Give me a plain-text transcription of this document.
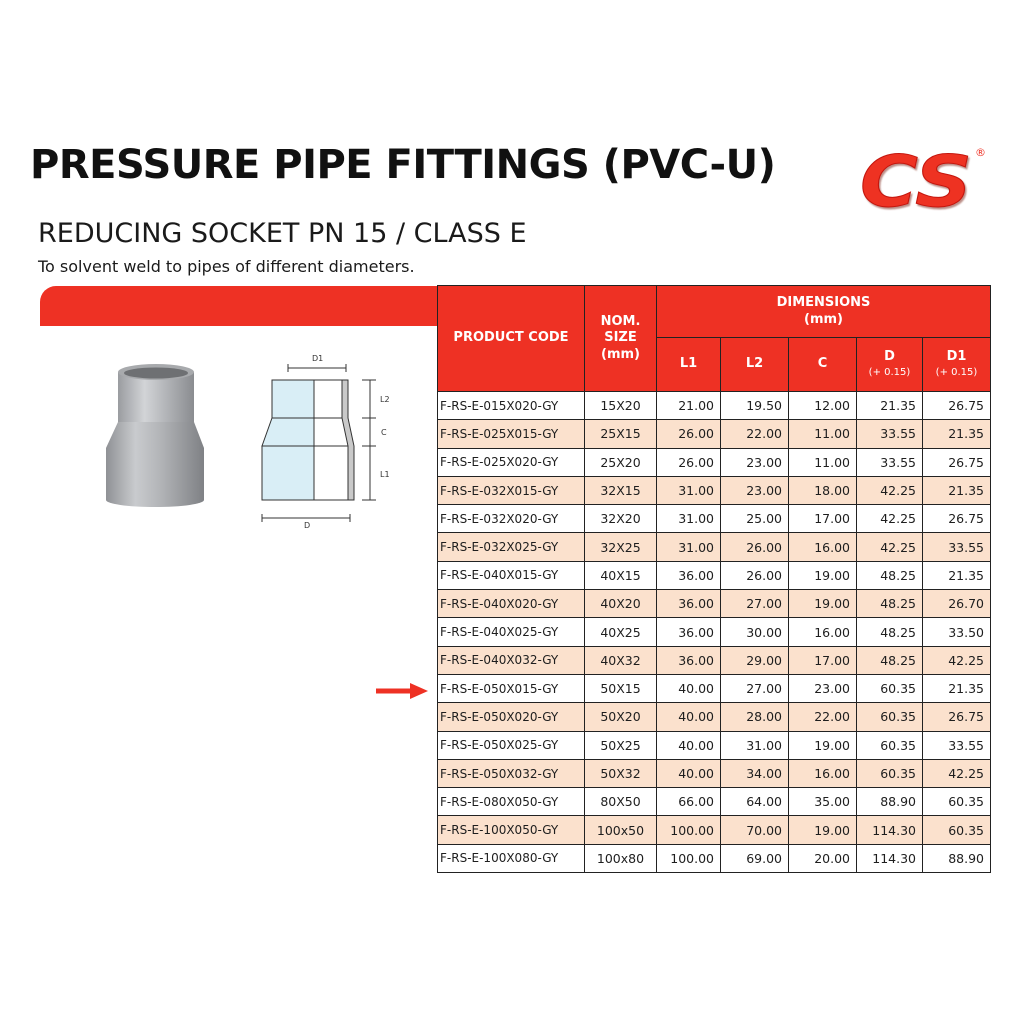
PRESSURE PIPE FITTINGS (PVC-U)
REDUCING SOCKET PN 15 / CLASS E

To solvent weld to pipes of different diameters.

CS ®
D1
L2
C
L1
D
PRODUCT CODE	NOM. SIZE (mm)	DIMENSIONS
(mm)				
		L1	L2	C	D
(+ 0.15)	D1
(+ 0.15)

F-RS-E-015X020-GY	15X20	21.00	19.50	12.00	21.35	26.75
F-RS-E-025X015-GY	25X15	26.00	22.00	11.00	33.55	21.35
F-RS-E-025X020-GY	25X20	26.00	23.00	11.00	33.55	26.75
F-RS-E-032X015-GY	32X15	31.00	23.00	18.00	42.25	21.35
F-RS-E-032X020-GY	32X20	31.00	25.00	17.00	42.25	26.75
F-RS-E-032X025-GY	32X25	31.00	26.00	16.00	42.25	33.55
F-RS-E-040X015-GY	40X15	36.00	26.00	19.00	48.25	21.35
F-RS-E-040X020-GY	40X20	36.00	27.00	19.00	48.25	26.70
F-RS-E-040X025-GY	40X25	36.00	30.00	16.00	48.25	33.50
F-RS-E-040X032-GY	40X32	36.00	29.00	17.00	48.25	42.25
F-RS-E-050X015-GY	50X15	40.00	27.00	23.00	60.35	21.35
F-RS-E-050X020-GY	50X20	40.00	28.00	22.00	60.35	26.75
F-RS-E-050X025-GY	50X25	40.00	31.00	19.00	60.35	33.55
F-RS-E-050X032-GY	50X32	40.00	34.00	16.00	60.35	42.25
F-RS-E-080X050-GY	80X50	66.00	64.00	35.00	88.90	60.35
F-RS-E-100X050-GY	100x50	100.00	70.00	19.00	114.30	60.35
F-RS-E-100X080-GY	100x80	100.00	69.00	20.00	114.30	88.90
